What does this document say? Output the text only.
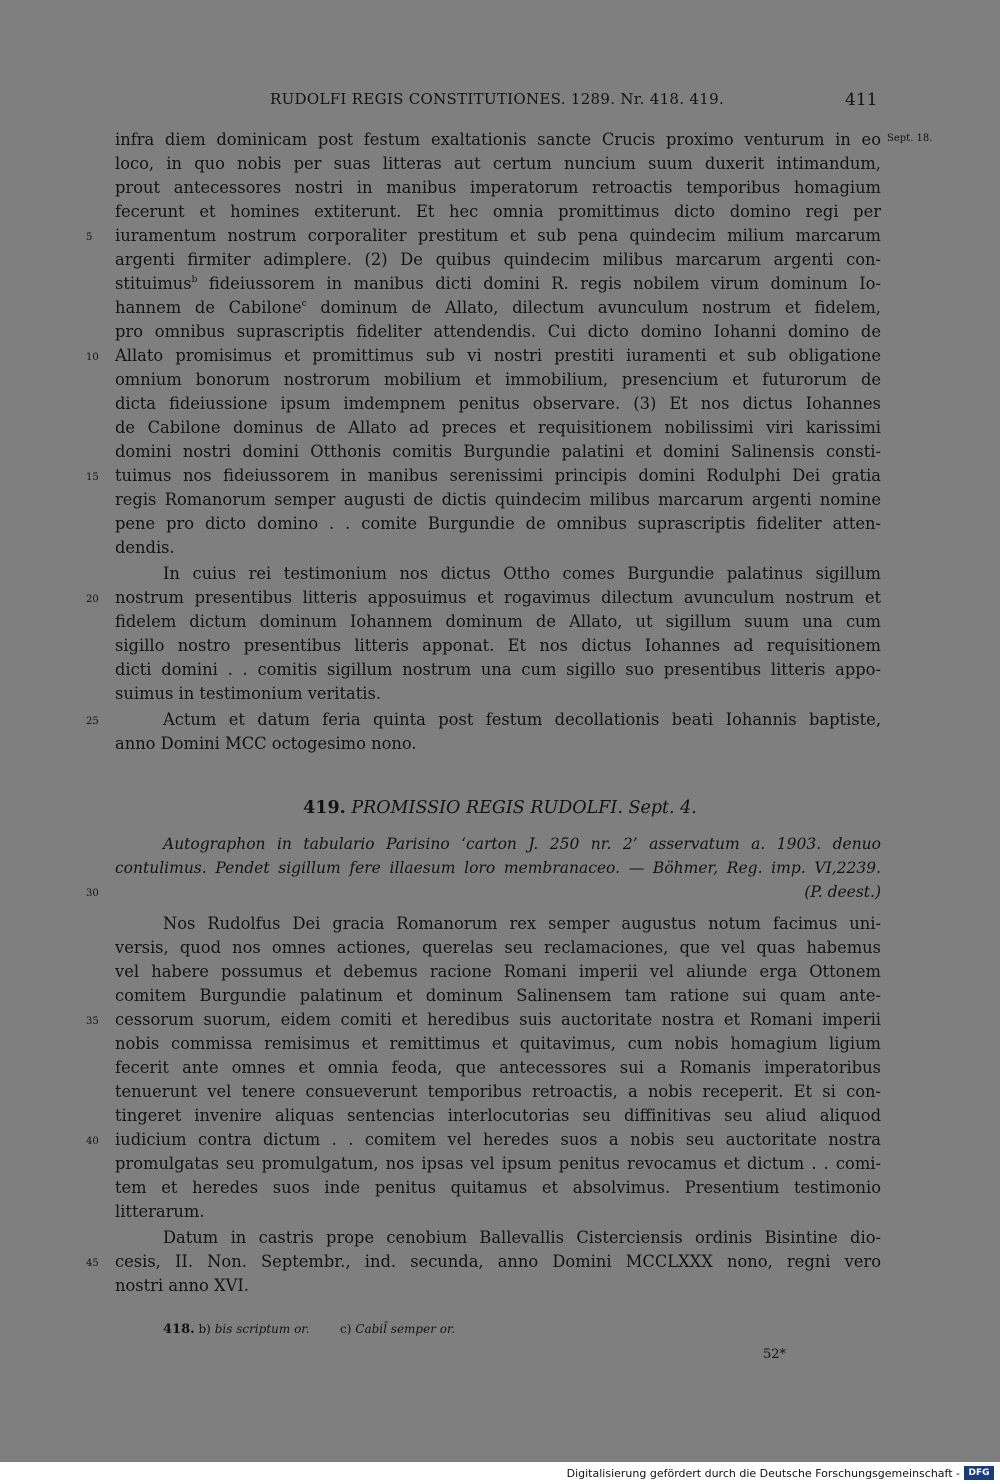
RUDOLFI REGIS CONSTITUTIONES. 1289. Nr. 418. 419.	411
Sept. 18.
infra diem dominicam post festum exaltationis sancte Crucis proximo venturum in eo
loco, in quo nobis per suas litteras aut certum nuncium suum duxerit intimandum,
prout antecessores nostri in manibus imperatorum retroactis temporibus homagium
fecerunt et homines extiterunt. Et hec omnia promittimus dicto domino regi per
5	iuramentum nostrum corporaliter prestitum et sub pena quindecim milium marcarum
argenti firmiter adimplere. (2) De quibus quindecim milibus marcarum argenti con-
stituimus$^b$ fideiussorem in manibus dicti domini R. regis nobilem virum dominum Io-
hannem de Cabilone$^c$ dominum de Allato, dilectum avunculum nostrum et fidelem,
pro omnibus suprascriptis fideliter attendendis. Cui dicto domino Iohanni domino de
10 Allato promisimus et promittimus sub vi nostri prestiti iuramenti et sub obligatione
omnium bonorum nostrorum mobilium et immobilium, presencium et futurorum de
dicta fideiussione ipsum imdempnem penitus observare. (3) Et nos dictus Iohannes
de Cabilone dominus de Allato ad preces et requisitionem nobilissimi viri karissimi
domini nostri domini Otthonis comitis Burgundie palatini et domini Salinensis consti-
15 tuimus nos fideiussorem in manibus serenissimi principis domini Rodulphi Dei gratia
regis Romanorum semper augusti de dictis quindecim milibus marcarum argenti nomine
pene pro dicto domino . . comite Burgundie de omnibus suprascriptis fideliter atten-
dendis.
In cuius rei testimonium nos dictus Ottho comes Burgundie palatinus sigillum
20 nostrum presentibus litteris apposuimus et rogavimus dilectum avunculum nostrum et
fidelem dictum dominum Iohannem dominum de Allato, ut sigillum suum una cum
sigillo nostro presentibus litteris apponat. Et nos dictus Iohannes ad requisitionem
dicti domini . . comitis sigillum nostrum una cum sigillo suo presentibus litteris appo-
suimus in testimonium veritatis.
25	Actum et datum feria quinta post festum decollationis beati Iohannis baptiste,
anno Domini MCC octogesimo nono.
419. PROMISSIO REGIS RUDOLFI. Sept. 4.
Autographon in tabulario Parisino ‘carton J. 250 nr. 2’ asservatum a. 1903. denuo
contulimus. Pendet sigillum fere illaesum loro membranaceo. — Böhmer, Reg. imp. VI,2239.
30	(P. deest.)
Nos Rudolfus Dei gracia Romanorum rex semper augustus notum facimus uni-
versis, quod nos omnes actiones, querelas seu reclamaciones, que vel quas habemus
vel habere possumus et debemus racione Romani imperii vel aliunde erga Ottonem
comitem Burgundie palatinum et dominum Salinensem tam ratione sui quam ante-
35 cessorum suorum, eidem comiti et heredibus suis auctoritate nostra et Romani imperii
nobis commissa remisimus et remittimus et quitavimus, cum nobis homagium ligium
fecerit ante omnes et omnia feoda, que antecessores sui a Romanis imperatoribus
tenuerunt vel tenere consueverunt temporibus retroactis, a nobis receperit. Et si con-
tingeret invenire aliquas sentencias interlocutorias seu diffinitivas seu aliud aliquod
40 iudicium contra dictum . . comitem vel heredes suos a nobis seu auctoritate nostra
promulgatas seu promulgatum, nos ipsas vel ipsum penitus revocamus et dictum . . comi-
tem et heredes suos inde penitus quitamus et absolvimus. Presentium testimonio
litterarum.
Datum in castris prope cenobium Ballevallis Cisterciensis ordinis Bisintine dio-
45 cesis, II. Non. Septembr., ind. secunda, anno Domini MCCLXXX nono, regni vero
nostri anno XVI.
418. b) bis scriptum or.	c) Cabil̄ semper or.
52*
Digitalisierung gefördert durch die Deutsche Forschungsgemeinschaft - DFG
